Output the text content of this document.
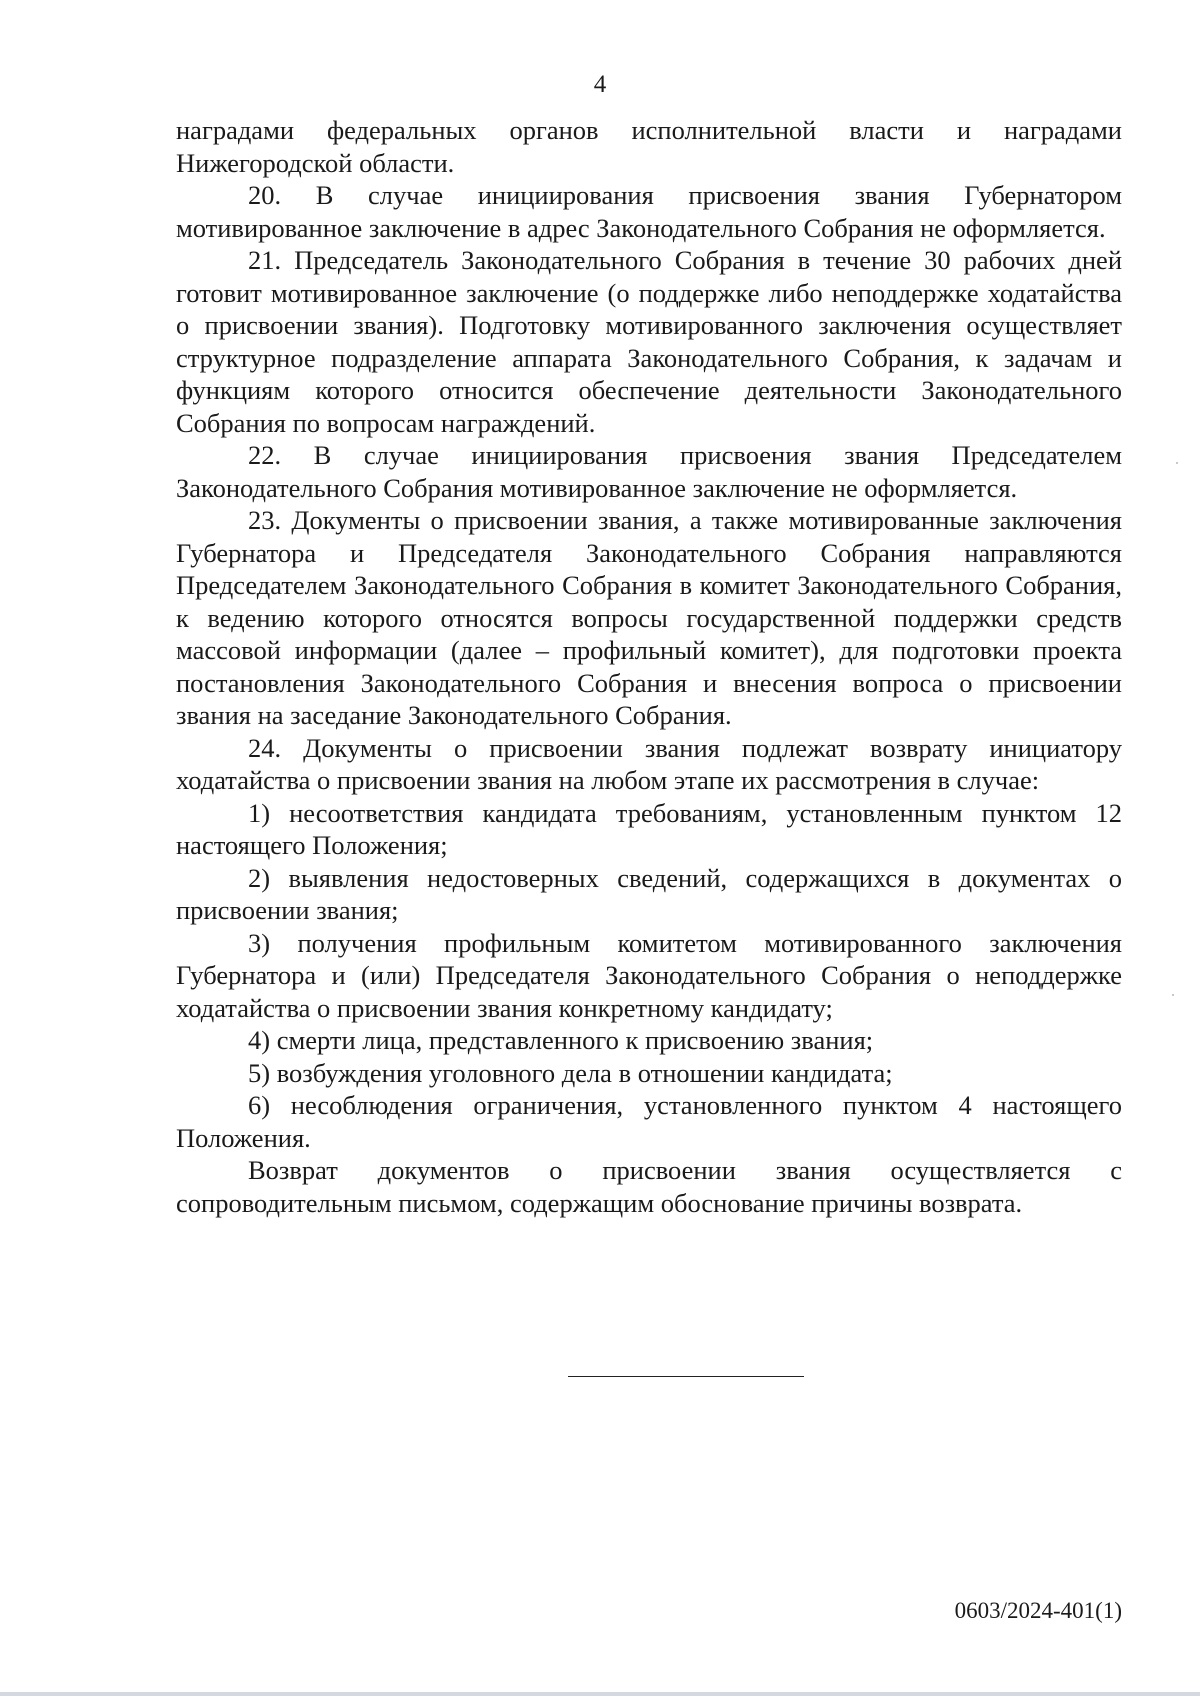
4

наградами федеральных органов исполнительной власти и наградами Нижегородской области.

20. В случае инициирования присвоения звания Губернатором мотивированное заключение в адрес Законодательного Собрания не оформляется.

21. Председатель Законодательного Собрания в течение 30 рабочих дней готовит мотивированное заключение (о поддержке либо неподдержке ходатайства о присвоении звания). Подготовку мотивированного заключения осуществляет структурное подразделение аппарата Законодательного Собрания, к задачам и функциям которого относится обеспечение деятельности Законодательного Собрания по вопросам награждений.

22. В случае инициирования присвоения звания Председателем Законодательного Собрания мотивированное заключение не оформляется.

23. Документы о присвоении звания, а также мотивированные заключения Губернатора и Председателя Законодательного Собрания направляются Председателем Законодательного Собрания в комитет Законодательного Собрания, к ведению которого относятся вопросы государственной поддержки средств массовой информации (далее – профильный комитет), для подготовки проекта постановления Законодательного Собрания и внесения вопроса о присвоении звания на заседание Законодательного Собрания.

24. Документы о присвоении звания подлежат возврату инициатору ходатайства о присвоении звания на любом этапе их рассмотрения в случае:

1) несоответствия кандидата требованиям, установленным пунктом 12 настоящего Положения;

2) выявления недостоверных сведений, содержащихся в документах о присвоении звания;

3) получения профильным комитетом мотивированного заключения Губернатора и (или) Председателя Законодательного Собрания о неподдержке ходатайства о присвоении звания конкретному кандидату;

4) смерти лица, представленного к присвоению звания;

5) возбуждения уголовного дела в отношении кандидата;

6) несоблюдения ограничения, установленного пунктом 4 настоящего Положения.

Возврат документов о присвоении звания осуществляется с сопроводительным письмом, содержащим обоснование причины возврата.

0603/2024-401(1)
